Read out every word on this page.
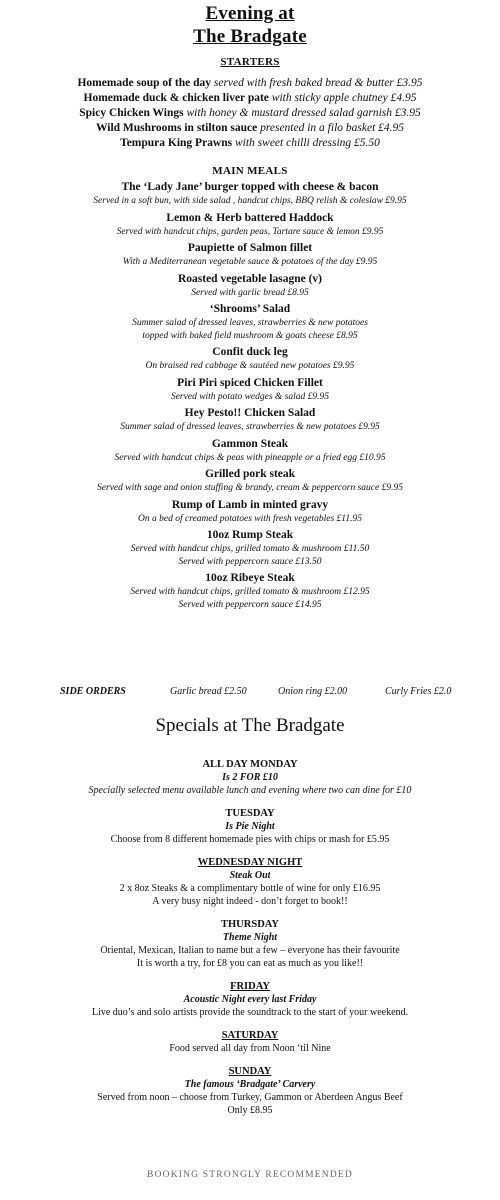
Evening at
The Bradgate
STARTERS
Homemade soup of the day served with fresh baked bread & butter £3.95
Homemade duck & chicken liver pate with sticky apple chutney £4.95
Spicy Chicken Wings with honey & mustard dressed salad garnish £3.95
Wild Mushrooms in stilton sauce presented in a filo basket £4.95
Tempura King Prawns with sweet chilli dressing £5.50
MAIN MEALS
The ‘Lady Jane’ burger topped with cheese & bacon
Served in a soft bun, with side salad , handcut chips, BBQ relish & coleslaw £9.95
Lemon & Herb battered Haddock
Served with handcut chips, garden peas, Tartare sauce & lemon £9.95
Paupiette of Salmon fillet
With a Mediterranean vegetable sauce & potatoes of the day £9.95
Roasted vegetable lasagne (v)
Served with garlic bread £8.95
‘Shrooms’ Salad
Summer salad of dressed leaves, strawberries & new potatoes
topped with baked field mushroom & goats cheese £8.95
Confit duck leg
On braised red cabbage & sautéed new potatoes £9.95
Piri Piri spiced Chicken Fillet
Served with potato wedges & salad £9.95
Hey Pesto!! Chicken Salad
Summer salad of dressed leaves, strawberries & new potatoes £9.95
Gammon Steak
Served with handcut chips & peas with pineapple or a fried egg £10.95
Grilled pork steak
Served with sage and onion stuffing & brandy, cream & peppercorn sauce £9.95
Rump of Lamb in minted gravy
On a bed of creamed potatoes with fresh vegetables £11.95
10oz Rump Steak
Served with handcut chips, grilled tomato & mushroom £11.50
Served with peppercorn sauce £13.50
10oz Ribeye Steak
Served with handcut chips, grilled tomato & mushroom £12.95
Served with peppercorn sauce £14.95
SIDE ORDERS	Garlic bread £2.50	Onion ring £2.00	Curly Fries £2.0
Specials at The Bradgate
ALL DAY MONDAY
Is 2 FOR £10
Specially selected menu available lunch and evening where two can dine for £10
TUESDAY
Is Pie Night
Choose from 8 different homemade pies with chips or mash for £5.95
WEDNESDAY NIGHT
Steak Out
2 x 8oz Steaks & a complimentary bottle of wine for only £16.95
A very busy night indeed - don’t forget to book!!
THURSDAY
Theme Night
Oriental, Mexican, Italian to name but a few – everyone has their favourite
It is worth a try, for £8 you can eat as much as you like!!
FRIDAY
Acoustic Night every last Friday
Live duo’s and solo artists provide the soundtrack to the start of your weekend.
SATURDAY
Food served all day from Noon ‘til Nine
SUNDAY
The famous ‘Bradgate’ Carvery
Served from noon – choose from Turkey, Gammon or Aberdeen Angus Beef
Only £8.95
BOOKING STRONGLY RECOMMENDED
